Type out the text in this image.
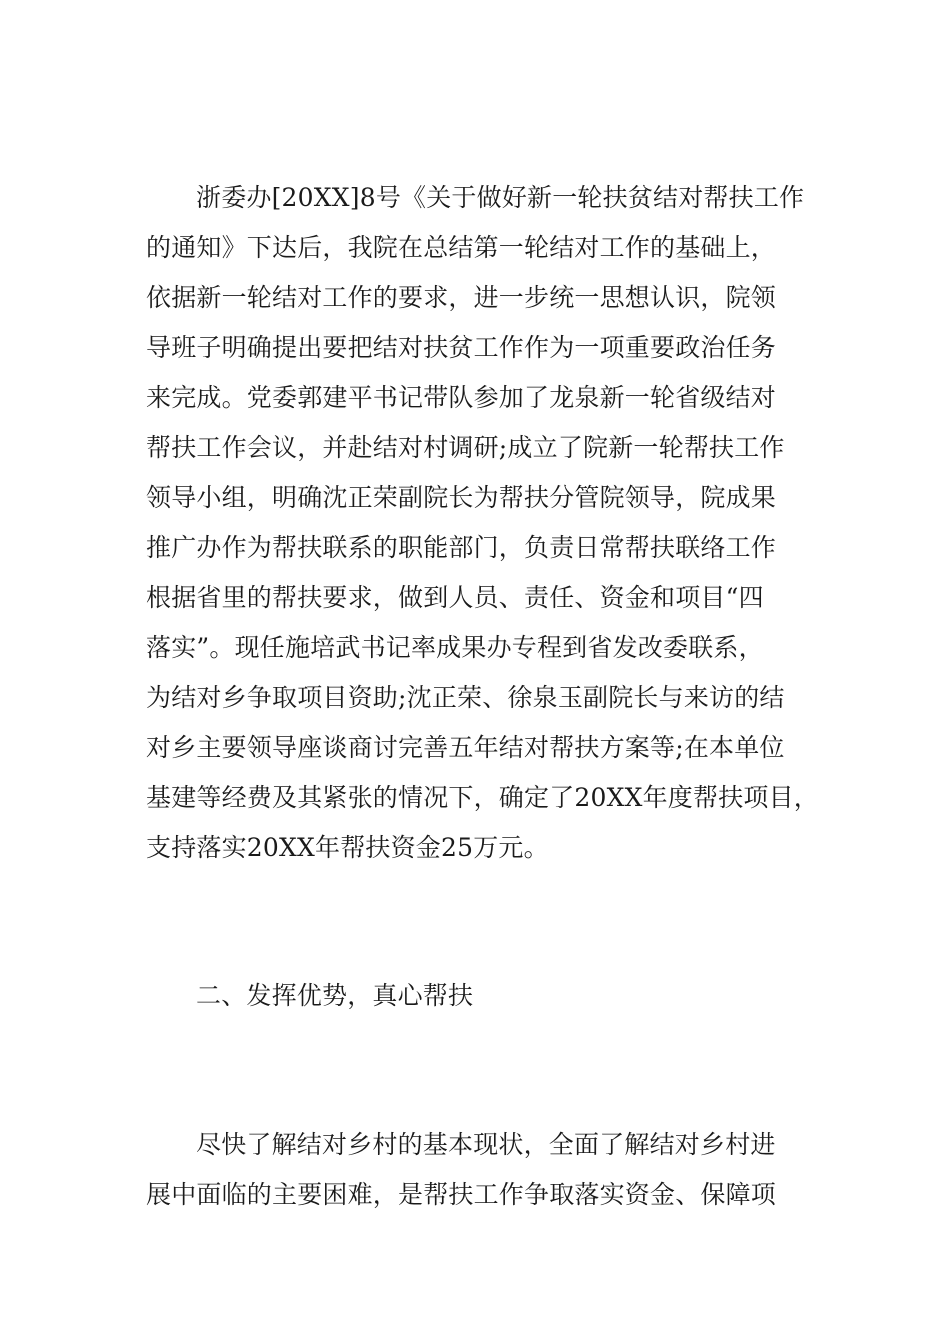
浙委办[20XX]8号《关于做好新一轮扶贫结对帮扶工作
的通知》下达后，我院在总结第一轮结对工作的基础上，
依据新一轮结对工作的要求，进一步统一思想认识，院领
导班子明确提出要把结对扶贫工作作为一项重要政治任务
来完成。党委郭建平书记带队参加了龙泉新一轮省级结对
帮扶工作会议，并赴结对村调研;成立了院新一轮帮扶工作
领导小组，明确沈正荣副院长为帮扶分管院领导，院成果
推广办作为帮扶联系的职能部门，负责日常帮扶联络工作
根据省里的帮扶要求，做到人员、责任、资金和项目“四
落实”。现任施培武书记率成果办专程到省发改委联系，
为结对乡争取项目资助;沈正荣、徐泉玉副院长与来访的结
对乡主要领导座谈商讨完善五年结对帮扶方案等;在本单位
基建等经费及其紧张的情况下，确定了20XX年度帮扶项目，
支持落实20XX年帮扶资金25万元。
二、发挥优势，真心帮扶
尽快了解结对乡村的基本现状，全面了解结对乡村进
展中面临的主要困难，是帮扶工作争取落实资金、保障项
